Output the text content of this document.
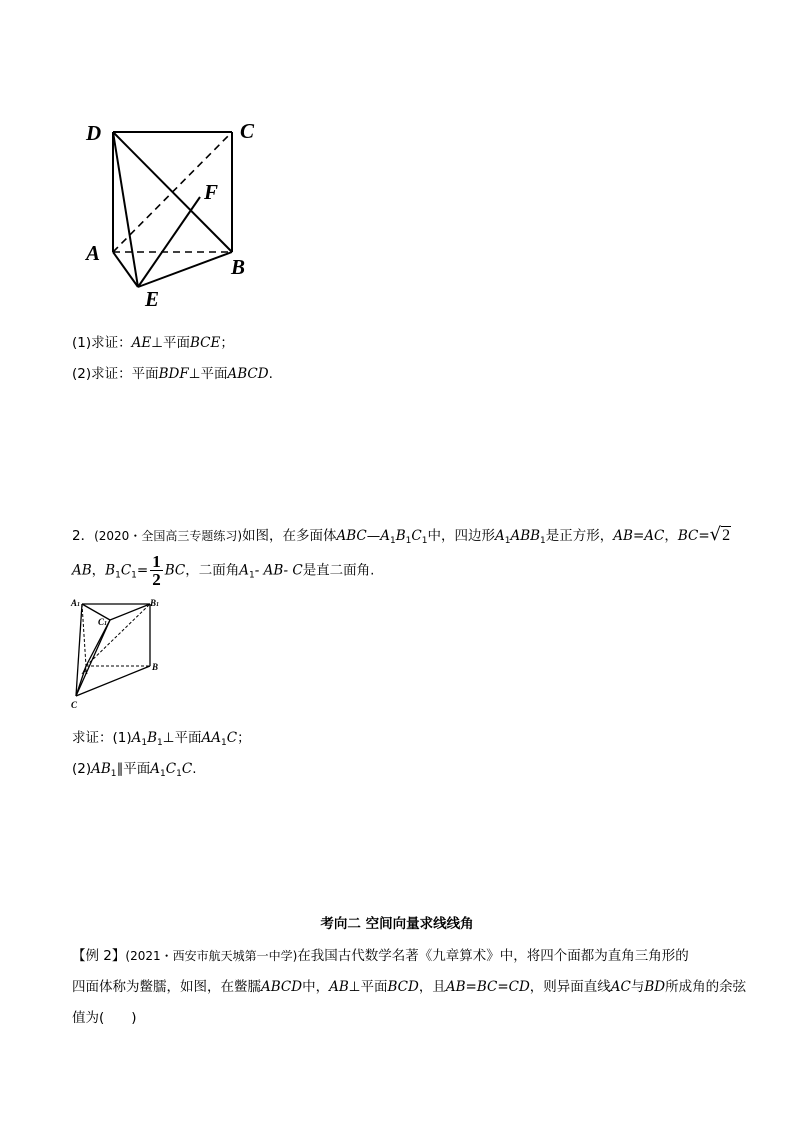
D	C
F
A
B
E
(1)求证：AE⊥平面BCE；
(2)求证：平面BDF⊥平面ABCD.
2．(2020・全国高三专题练习)如图，在多面体$ABC—A_1B_1C_1$中，四边形$A_1ABB_1$是正方形，AB=AC，BC=√2
AB，$B_1C_1= \frac{1}{2}$ BC，二面角$A_1-$ AB- C是直二面角.
A1	B1
C1
A	B
C
求证：$(1)A_1B_1\perp$平面$AA_1C$；
$(2)AB_1\parallel$平面$A_1C_1C$.
考向二 空间向量求线线角
【例 2】(2021・西安市航天城第一中学)在我国古代数学名著《九章算术》中，将四个面都为直角三角形的
四面体称为鳖臑，如图，在鳖臑ABCD中，AB⊥平面BCD，且AB=BC=CD，则异面直线AC与BD所成角的余弦
值为(　　)
